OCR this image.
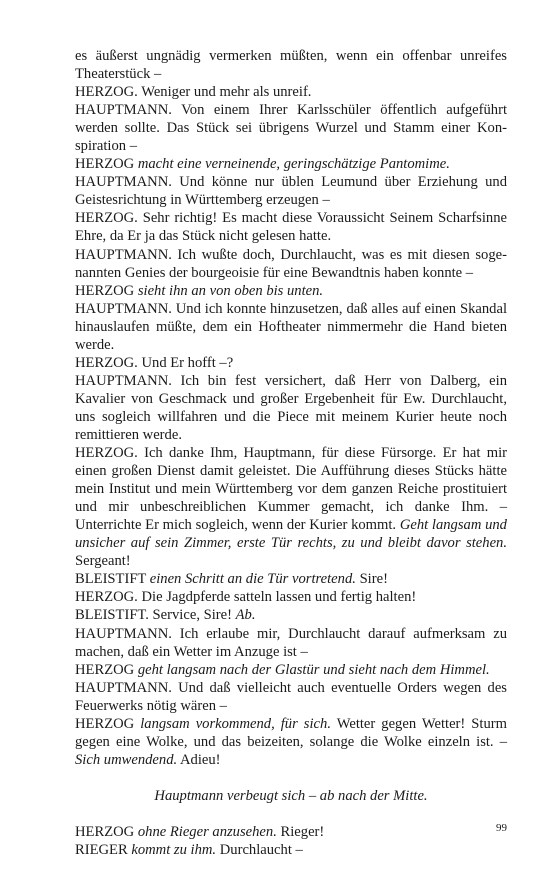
es äußerst ungnädig vermerken müßten, wenn ein offenbar unreifes Theaterstück –

HERZOG. Weniger und mehr als unreif.

HAUPTMANN. Von einem Ihrer Karlsschüler öffentlich aufgeführt werden sollte. Das Stück sei übrigens Wurzel und Stamm einer Konspiration –

HERZOG macht eine verneinende, geringschätzige Pantomime.

HAUPTMANN. Und könne nur üblen Leumund über Erziehung und Geistesrichtung in Württemberg erzeugen –

HERZOG. Sehr richtig! Es macht diese Voraussicht Seinem Scharfsinne Ehre, da Er ja das Stück nicht gelesen hatte.

HAUPTMANN. Ich wußte doch, Durchlaucht, was es mit diesen sogenannten Genies der bourgeoisie für eine Bewandtnis haben konnte –

HERZOG sieht ihn an von oben bis unten.

HAUPTMANN. Und ich konnte hinzusetzen, daß alles auf einen Skandal hinauslaufen müßte, dem ein Hoftheater nimmermehr die Hand bieten werde.

HERZOG. Und Er hofft –?

HAUPTMANN. Ich bin fest versichert, daß Herr von Dalberg, ein Kavalier von Geschmack und großer Ergebenheit für Ew. Durchlaucht, uns sogleich willfahren und die Piece mit meinem Kurier heute noch remittieren werde.

HERZOG. Ich danke Ihm, Hauptmann, für diese Fürsorge. Er hat mir einen großen Dienst damit geleistet. Die Aufführung dieses Stücks hätte mein Institut und mein Württemberg vor dem ganzen Reiche prostituiert und mir unbeschreiblichen Kummer gemacht, ich danke Ihm. – Unterrichte Er mich sogleich, wenn der Kurier kommt. Geht langsam und unsicher auf sein Zimmer, erste Tür rechts, zu und bleibt davor stehen. Sergeant!

BLEISTIFT einen Schritt an die Tür vortretend. Sire!

HERZOG. Die Jagdpferde satteln lassen und fertig halten!

BLEISTIFT. Service, Sire! Ab.

HAUPTMANN. Ich erlaube mir, Durchlaucht darauf aufmerksam zu machen, daß ein Wetter im Anzuge ist –

HERZOG geht langsam nach der Glastür und sieht nach dem Himmel.

HAUPTMANN. Und daß vielleicht auch eventuelle Orders wegen des Feuerwerks nötig wären –

HERZOG langsam vorkommend, für sich. Wetter gegen Wetter! Sturm gegen eine Wolke, und das beizeiten, solange die Wolke einzeln ist. – Sich umwendend. Adieu!

Hauptmann verbeugt sich – ab nach der Mitte.

HERZOG ohne Rieger anzusehen. Rieger!

RIEGER kommt zu ihm. Durchlaucht –

99
